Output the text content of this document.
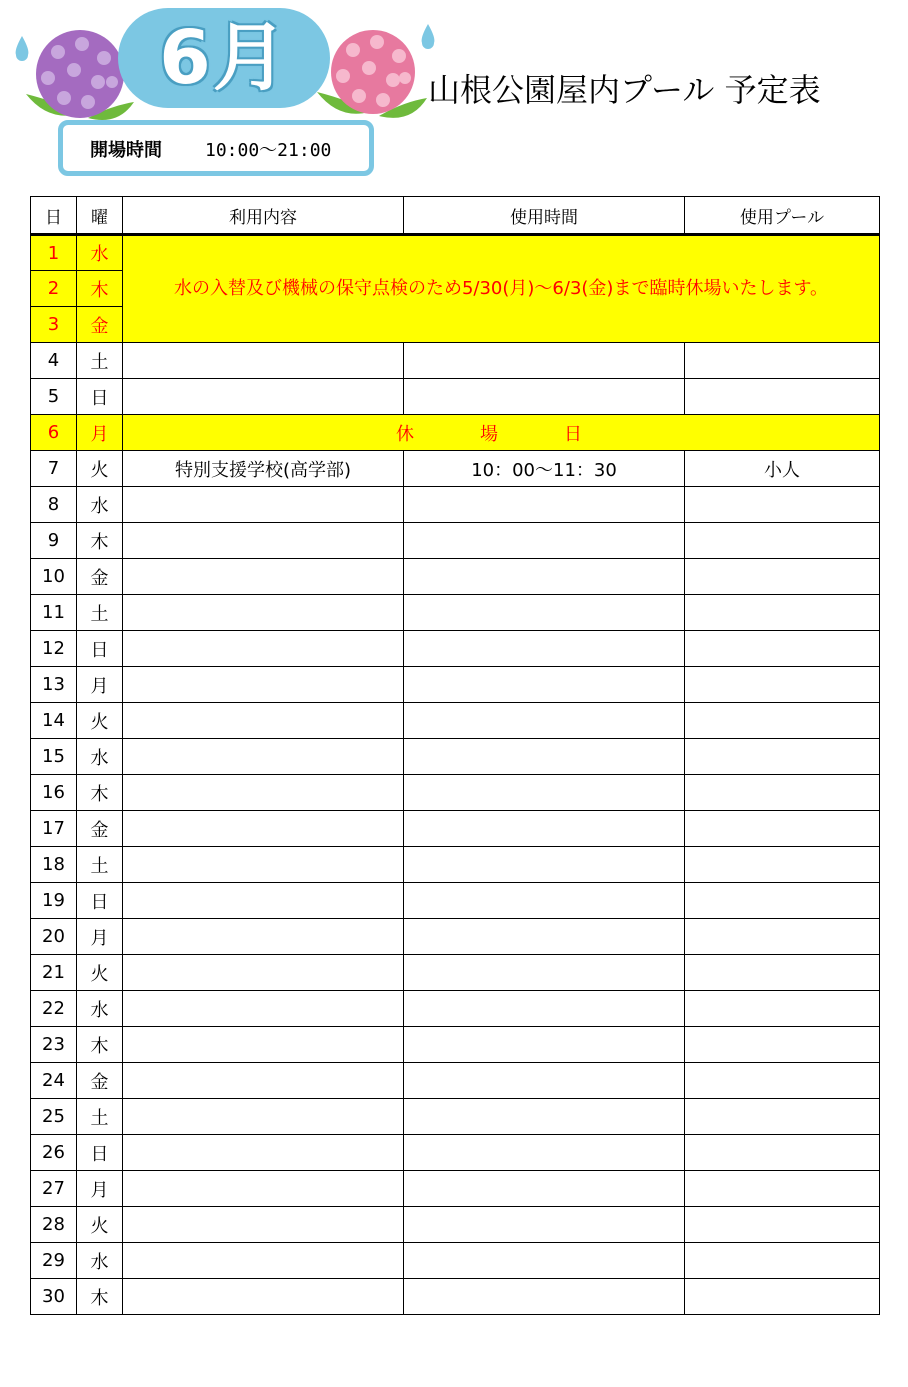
6月	山根公園屋内プール 予定表
開場時間 10:00〜21:00
日	曜	利用内容	使用時間	使用プール
1	水	水の入替及び機械の保守点検のため5/30(月)〜6/3(金)まで臨時休場いたします。		
2	木			
3	金			
4	土			
5	日			
6	月	休　場　日		
7	火	特別支援学校(高学部)	10：00〜11：30	小人
8	水			
9	木			
10	金			
11	土			
12	日			
13	月			
14	火			
15	水			
16	木			
17	金			
18	土			
19	日			
20	月			
21	火			
22	水			
23	木			
24	金			
25	土			
26	日			
27	月			
28	火			
29	水			
30	木			
